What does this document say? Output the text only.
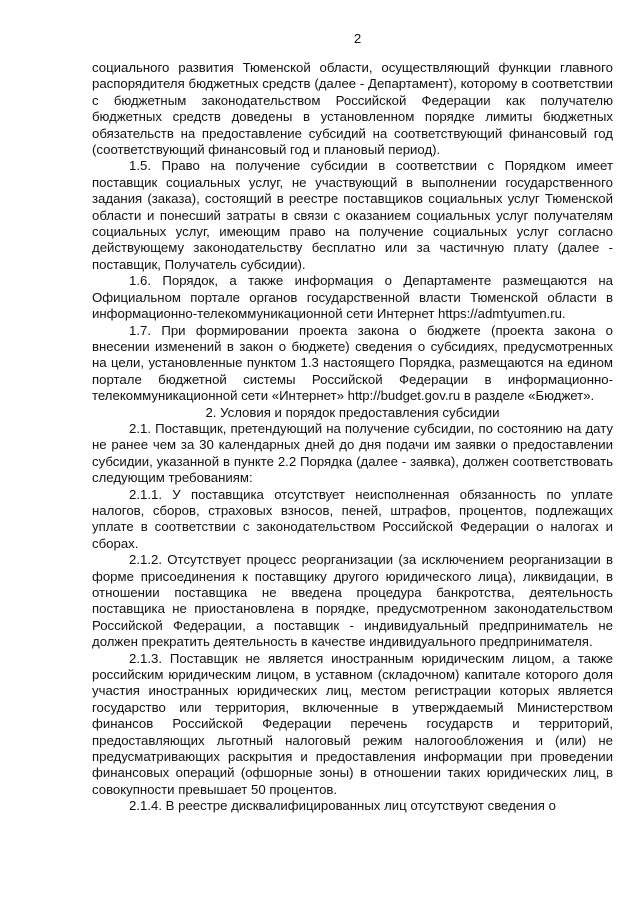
2

социального развития Тюменской области, осуществляющий функции главного распорядителя бюджетных средств (далее - Департамент), которому в соответствии с бюджетным законодательством Российской Федерации как получателю бюджетных средств доведены в установленном порядке лимиты бюджетных обязательств на предоставление субсидий на соответствующий финансовый год (соответствующий финансовый год и плановый период).

1.5. Право на получение субсидии в соответствии с Порядком имеет поставщик социальных услуг, не участвующий в выполнении государственного задания (заказа), состоящий в реестре поставщиков социальных услуг Тюменской области и понесший затраты в связи с оказанием социальных услуг получателям социальных услуг, имеющим право на получение социальных услуг согласно действующему законодательству бесплатно или за частичную плату (далее - поставщик, Получатель субсидии).

1.6. Порядок, а также информация о Департаменте размещаются на Официальном портале органов государственной власти Тюменской области в информационно-телекоммуникационной сети Интернет https://admtyumen.ru.

1.7. При формировании проекта закона о бюджете (проекта закона о внесении изменений в закон о бюджете) сведения о субсидиях, предусмотренных на цели, установленные пунктом 1.3 настоящего Порядка, размещаются на едином портале бюджетной системы Российской Федерации в информационно-телекоммуникационной сети «Интернет» http://budget.gov.ru в разделе «Бюджет».

2. Условия и порядок предоставления субсидии

2.1. Поставщик, претендующий на получение субсидии, по состоянию на дату не ранее чем за 30 календарных дней до дня подачи им заявки о предоставлении субсидии, указанной в пункте 2.2 Порядка (далее - заявка), должен соответствовать следующим требованиям:

2.1.1. У поставщика отсутствует неисполненная обязанность по уплате налогов, сборов, страховых взносов, пеней, штрафов, процентов, подлежащих уплате в соответствии с законодательством Российской Федерации о налогах и сборах.

2.1.2. Отсутствует процесс реорганизации (за исключением реорганизации в форме присоединения к поставщику другого юридического лица), ликвидации, в отношении поставщика не введена процедура банкротства, деятельность поставщика не приостановлена в порядке, предусмотренном законодательством Российской Федерации, а поставщик - индивидуальный предприниматель не должен прекратить деятельность в качестве индивидуального предпринимателя.

2.1.3. Поставщик не является иностранным юридическим лицом, а также российским юридическим лицом, в уставном (складочном) капитале которого доля участия иностранных юридических лиц, местом регистрации которых является государство или территория, включенные в утверждаемый Министерством финансов Российской Федерации перечень государств и территорий, предоставляющих льготный налоговый режим налогообложения и (или) не предусматривающих раскрытия и предоставления информации при проведении финансовых операций (офшорные зоны) в отношении таких юридических лиц, в совокупности превышает 50 процентов.

2.1.4. В реестре дисквалифицированных лиц отсутствуют сведения о
